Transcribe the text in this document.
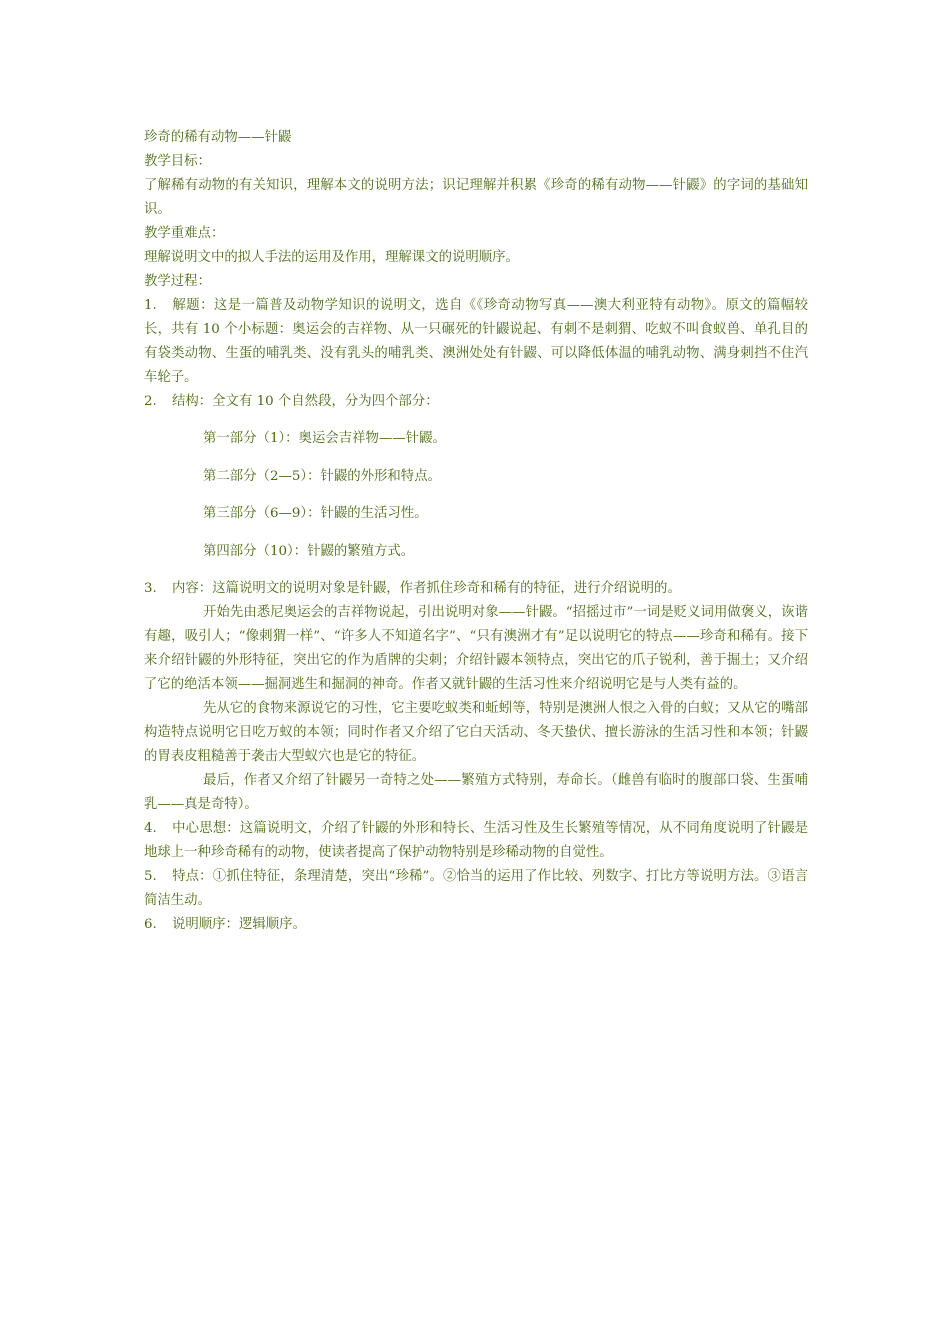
珍奇的稀有动物——针鼹

教学目标：

了解稀有动物的有关知识，理解本文的说明方法；识记理解并积累《珍奇的稀有动物——针鼹》的字词的基础知识。

教学重难点：

理解说明文中的拟人手法的运用及作用，理解课文的说明顺序。

教学过程：

1. 解题：这是一篇普及动物学知识的说明文，选自《《珍奇动物写真——澳大利亚特有动物》。原文的篇幅较长，共有 10 个小标题：奥运会的吉祥物、从一只碾死的针鼹说起、有刺不是刺猬、吃蚁不叫食蚁兽、单孔目的有袋类动物、生蛋的哺乳类、没有乳头的哺乳类、澳洲处处有针鼹、可以降低体温的哺乳动物、满身刺挡不住汽车轮子。

2. 结构：全文有 10 个自然段，分为四个部分：

第一部分（1）：奥运会吉祥物——针鼹。

第二部分（2—5）：针鼹的外形和特点。

第三部分（6—9）：针鼹的生活习性。

第四部分（10）：针鼹的繁殖方式。

3. 内容：这篇说明文的说明对象是针鼹，作者抓住珍奇和稀有的特征，进行介绍说明的。

开始先由悉尼奥运会的吉祥物说起，引出说明对象——针鼹。“招摇过市”一词是贬义词用做褒义，诙谐有趣，吸引人；“像刺猬一样”、“许多人不知道名字”、“只有澳洲才有”足以说明它的特点——珍奇和稀有。接下来介绍针鼹的外形特征，突出它的作为盾牌的尖刺；介绍针鼹本领特点，突出它的爪子锐利，善于掘土；又介绍了它的绝活本领——掘洞逃生和掘洞的神奇。作者又就针鼹的生活习性来介绍说明它是与人类有益的。

先从它的食物来源说它的习性，它主要吃蚁类和蚯蚓等，特别是澳洲人恨之入骨的白蚁；又从它的嘴部构造特点说明它日吃万蚁的本领；同时作者又介绍了它白天活动、冬天蛰伏、擅长游泳的生活习性和本领；针鼹的胃表皮粗糙善于袭击大型蚁穴也是它的特征。

最后，作者又介绍了针鼹另一奇特之处——繁殖方式特别，寿命长。（雌兽有临时的腹部口袋、生蛋哺乳——真是奇特）。

4. 中心思想：这篇说明文，介绍了针鼹的外形和特长、生活习性及生长繁殖等情况，从不同角度说明了针鼹是地球上一种珍奇稀有的动物，使读者提高了保护动物特别是珍稀动物的自觉性。

5. 特点：①抓住特征，条理清楚，突出“珍稀”。②恰当的运用了作比较、列数字、打比方等说明方法。③语言简洁生动。

6. 说明顺序：逻辑顺序。
